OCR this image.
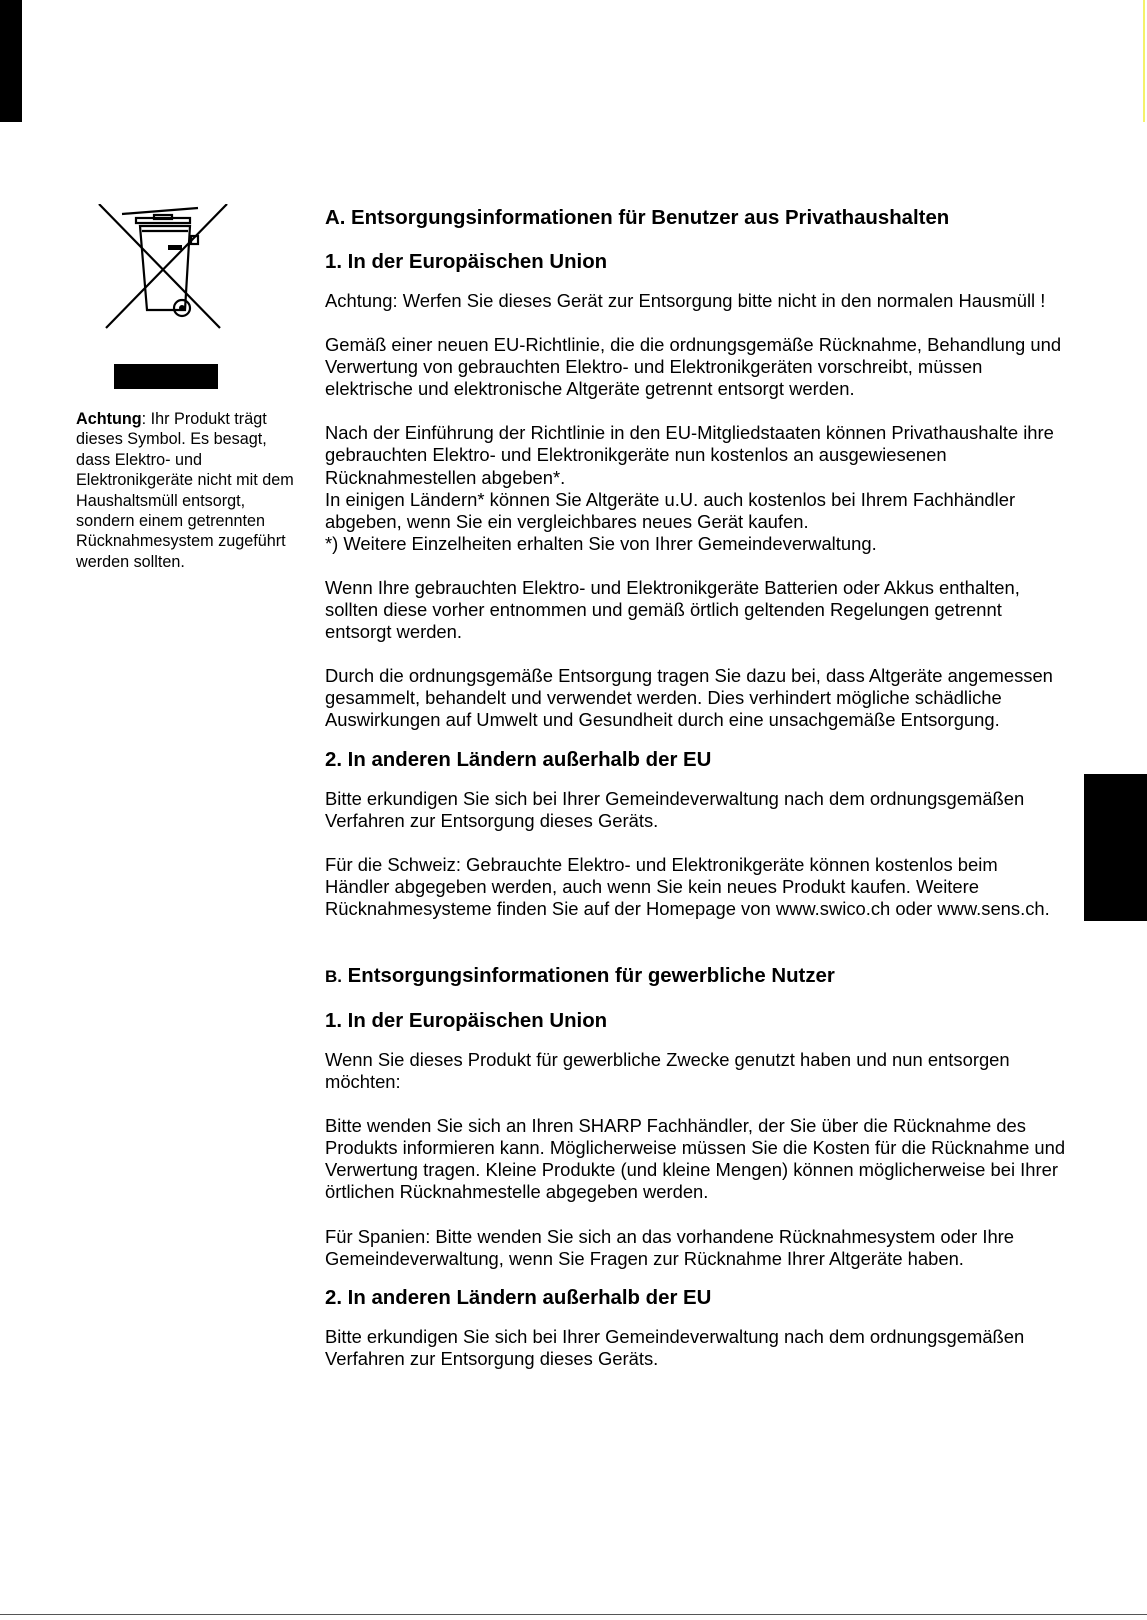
Achtung: Ihr Produkt trägt dieses Symbol. Es besagt, dass Elektro- und Elektronikgeräte nicht mit dem Haushaltsmüll entsorgt, sondern einem getrennten Rücknahmesystem zugeführt werden sollten.

A. Entsorgungsinformationen für Benutzer aus Privathaushalten
1. In der Europäischen Union

Achtung: Werfen Sie dieses Gerät zur Entsorgung bitte nicht in den normalen Hausmüll !

Gemäß einer neuen EU-Richtlinie, die die ordnungsgemäße Rücknahme, Behandlung und Verwertung von gebrauchten Elektro- und Elektronikgeräten vorschreibt, müssen elektrische und elektronische Altgeräte getrennt entsorgt werden.

Nach der Einführung der Richtlinie in den EU-Mitgliedstaaten können Privathaushalte ihre gebrauchten Elektro- und Elektronikgeräte nun kostenlos an ausgewiesenen Rücknahmestellen abgeben*.

In einigen Ländern* können Sie Altgeräte u.U. auch kostenlos bei Ihrem Fachhändler abgeben, wenn Sie ein vergleichbares neues Gerät kaufen.

*) Weitere Einzelheiten erhalten Sie von Ihrer Gemeindeverwaltung.

Wenn Ihre gebrauchten Elektro- und Elektronikgeräte Batterien oder Akkus enthalten, sollten diese vorher entnommen und gemäß örtlich geltenden Regelungen getrennt entsorgt werden.

Durch die ordnungsgemäße Entsorgung tragen Sie dazu bei, dass Altgeräte angemessen gesammelt, behandelt und verwendet werden. Dies verhindert mögliche schädliche Auswirkungen auf Umwelt und Gesundheit durch eine unsachgemäße Entsorgung.

2. In anderen Ländern außerhalb der EU

Bitte erkundigen Sie sich bei Ihrer Gemeindeverwaltung nach dem ordnungsgemäßen Verfahren zur Entsorgung dieses Geräts.

Für die Schweiz: Gebrauchte Elektro- und Elektronikgeräte können kostenlos beim Händler abgegeben werden, auch wenn Sie kein neues Produkt kaufen. Weitere Rücknahmesysteme finden Sie auf der Homepage von www.swico.ch oder www.sens.ch.

B. Entsorgungsinformationen für gewerbliche Nutzer
1. In der Europäischen Union

Wenn Sie dieses Produkt für gewerbliche Zwecke genutzt haben und nun entsorgen möchten:

Bitte wenden Sie sich an Ihren SHARP Fachhändler, der Sie über die Rücknahme des Produkts informieren kann. Möglicherweise müssen Sie die Kosten für die Rücknahme und Verwertung tragen. Kleine Produkte (und kleine Mengen) können möglicherweise bei Ihrer örtlichen Rücknahmestelle abgegeben werden.

Für Spanien: Bitte wenden Sie sich an das vorhandene Rücknahmesystem oder Ihre Gemeindeverwaltung, wenn Sie Fragen zur Rücknahme Ihrer Altgeräte haben.

2. In anderen Ländern außerhalb der EU

Bitte erkundigen Sie sich bei Ihrer Gemeindeverwaltung nach dem ordnungsgemäßen Verfahren zur Entsorgung dieses Geräts.
